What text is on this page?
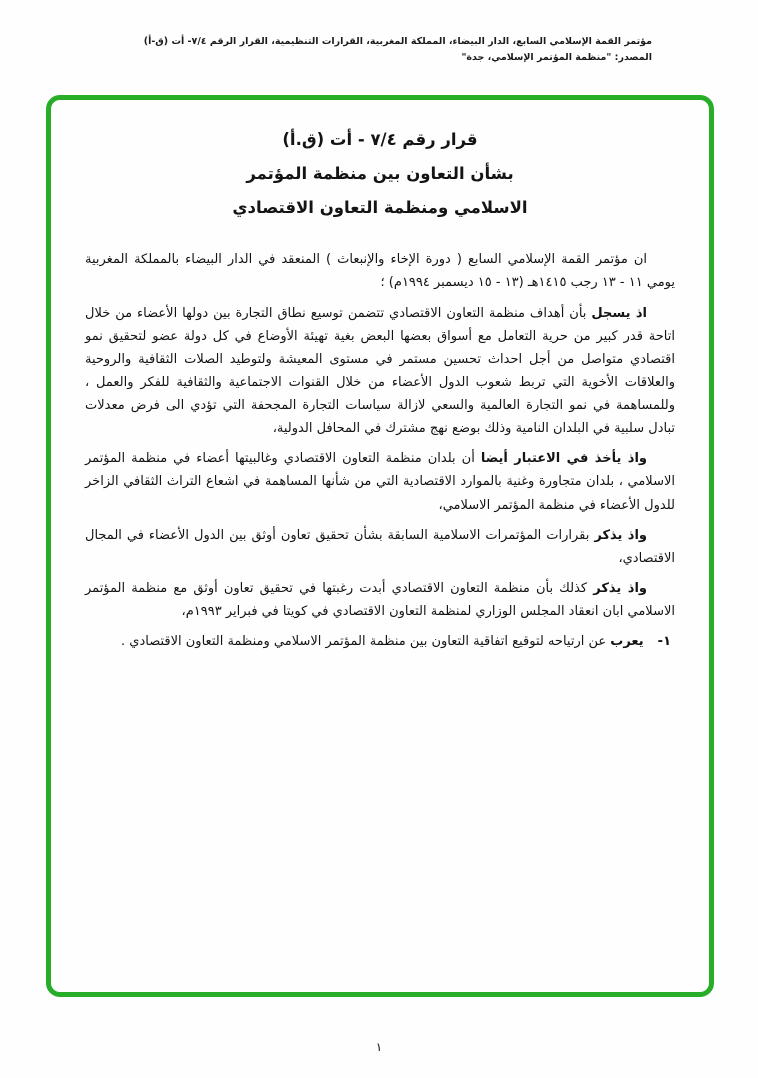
مؤتمر القمة الإسلامي السابع، الدار البيضاء، المملكة المغربية، القرارات التنظيمية، القرار الرقم ٧/٤- أت (ق-أ)
المصدر: "منظمة المؤتمر الإسلامي، جدة"
قرار رقم ٧/٤ - أت (ق.أ)
بشأن التعاون بين منظمة المؤتمر
الاسلامي ومنظمة التعاون الاقتصادي

ان مؤتمر القمة الإسلامي السابع ( دورة الإخاء والإنبعاث ) المنعقد في الدار البيضاء بالمملكة المغربية يومي ١١ - ١٣ رجب ١٤١٥هـ (١٣ - ١٥ ديسمبر ١٩٩٤م) ؛

اذ يسجل بأن أهداف منظمة التعاون الاقتصادي تتضمن توسيع نطاق التجارة بين دولها الأعضاء من خلال اتاحة قدر كبير من حرية التعامل مع أسواق بعضها البعض بغية تهيئة الأوضاع في كل دولة عضو لتحقيق نمو اقتصادي متواصل من أجل احداث تحسين مستمر في مستوى المعيشة ولتوطيد الصلات الثقافية والروحية والعلاقات الأخوية التي تربط شعوب الدول الأعضاء من خلال القنوات الاجتماعية والثقافية للفكر والعمل ، وللمساهمة في نمو التجارة العالمية والسعي لازالة سياسات التجارة المجحفة التي تؤدي الى فرض معدلات تبادل سلبية في البلدان النامية وذلك بوضع نهج مشترك في المحافل الدولية،

واذ يأخذ في الاعتبار أيضا أن بلدان منظمة التعاون الاقتصادي وغالبيتها أعضاء في منظمة المؤتمر الاسلامي ، بلدان متجاورة وغنية بالموارد الاقتصادية التي من شأنها المساهمة في اشعاع التراث الثقافي الزاخر للدول الأعضاء في منظمة المؤتمر الاسلامي،

واذ يذكر بقرارات المؤتمرات الاسلامية السابقة بشأن تحقيق تعاون أوثق بين الدول الأعضاء في المجال الاقتصادي،

واذ يذكر كذلك بأن منظمة التعاون الاقتصادي أبدت رغبتها في تحقيق تعاون أوثق مع منظمة المؤتمر الاسلامي ابان انعقاد المجلس الوزاري لمنظمة التعاون الاقتصادي في كويتا في فبراير ١٩٩٣م،

١-

يعرب عن ارتياحه لتوقيع اتفاقية التعاون بين منظمة المؤتمر الاسلامي ومنظمة التعاون الاقتصادي .

١
